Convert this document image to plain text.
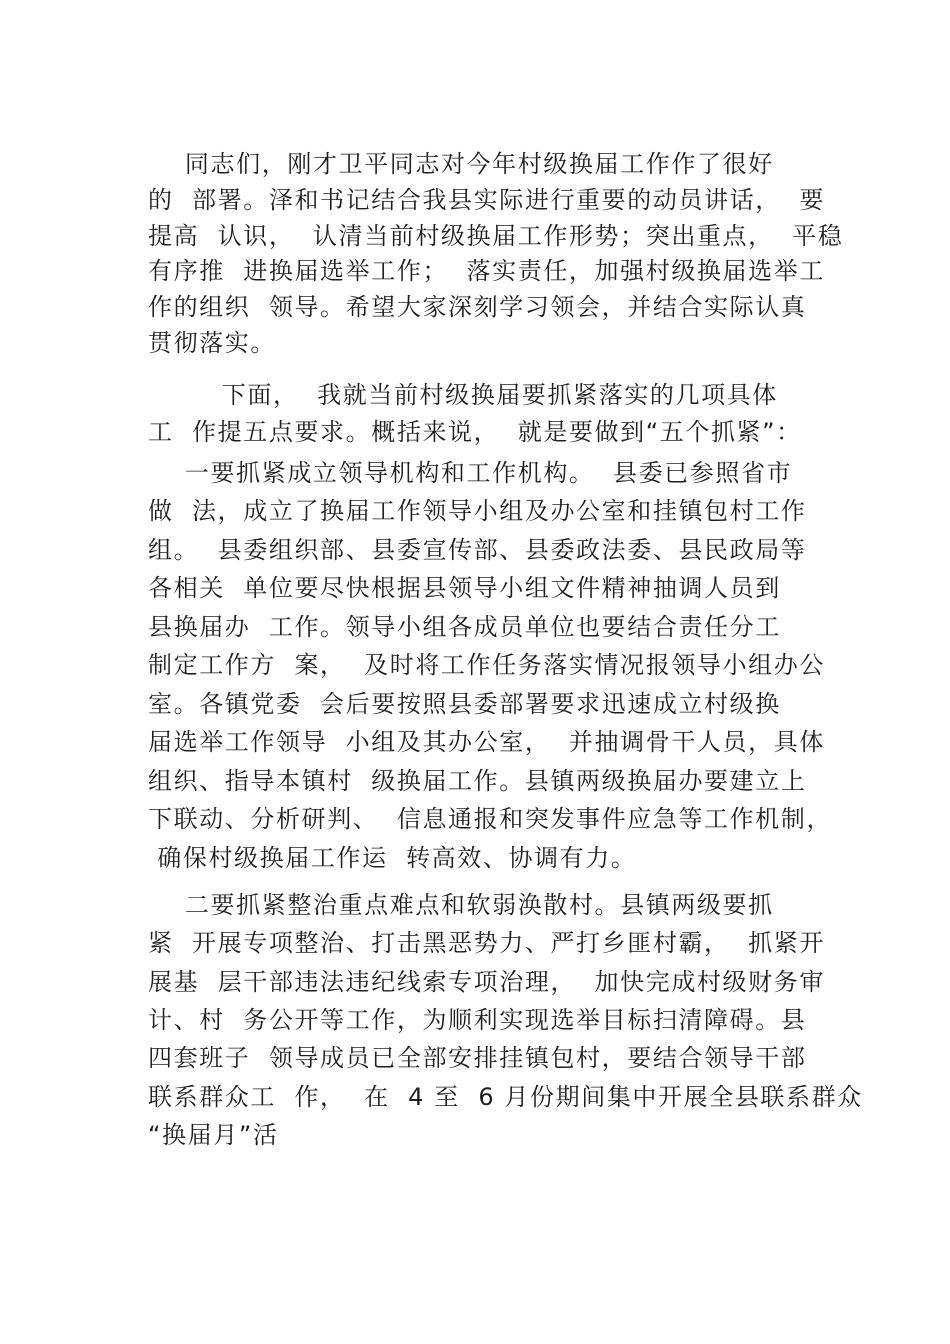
同志们，刚才卫平同志对今年村级换届工作作了很好
的  部署。泽和书记结合我县实际进行重要的动员讲话，  要
提高  认识，  认清当前村级换届工作形势；突出重点，  平稳
有序推  进换届选举工作；  落实责任，加强村级换届选举工
作的组织  领导。希望大家深刻学习领会，并结合实际认真
贯彻落实。
下面，  我就当前村级换届要抓紧落实的几项具体
工  作提五点要求。概括来说，  就是要做到“五个抓紧”：
一要抓紧成立领导机构和工作机构。  县委已参照省市
做  法，成立了换届工作领导小组及办公室和挂镇包村工作
组。  县委组织部、县委宣传部、县委政法委、县民政局等
各相关  单位要尽快根据县领导小组文件精神抽调人员到
县换届办  工作。领导小组各成员单位也要结合责任分工
制定工作方  案，  及时将工作任务落实情况报领导小组办公
室。各镇党委  会后要按照县委部署要求迅速成立村级换
届选举工作领导  小组及其办公室，  并抽调骨干人员，具体
组织、指导本镇村  级换届工作。县镇两级换届办要建立上
下联动、分析研判、  信息通报和突发事件应急等工作机制，
确保村级换届工作运  转高效、协调有力。
二要抓紧整治重点难点和软弱涣散村。县镇两级要抓
紧  开展专项整治、打击黑恶势力、严打乡匪村霸，  抓紧开
展基  层干部违法违纪线索专项治理，  加快完成村级财务审
计、村  务公开等工作，为顺利实现选举目标扫清障碍。县
四套班子  领导成员已全部安排挂镇包村，要结合领导干部
联系群众工  作，  在  4 至  6 月份期间集中开展全县联系群众
“换届月”活
